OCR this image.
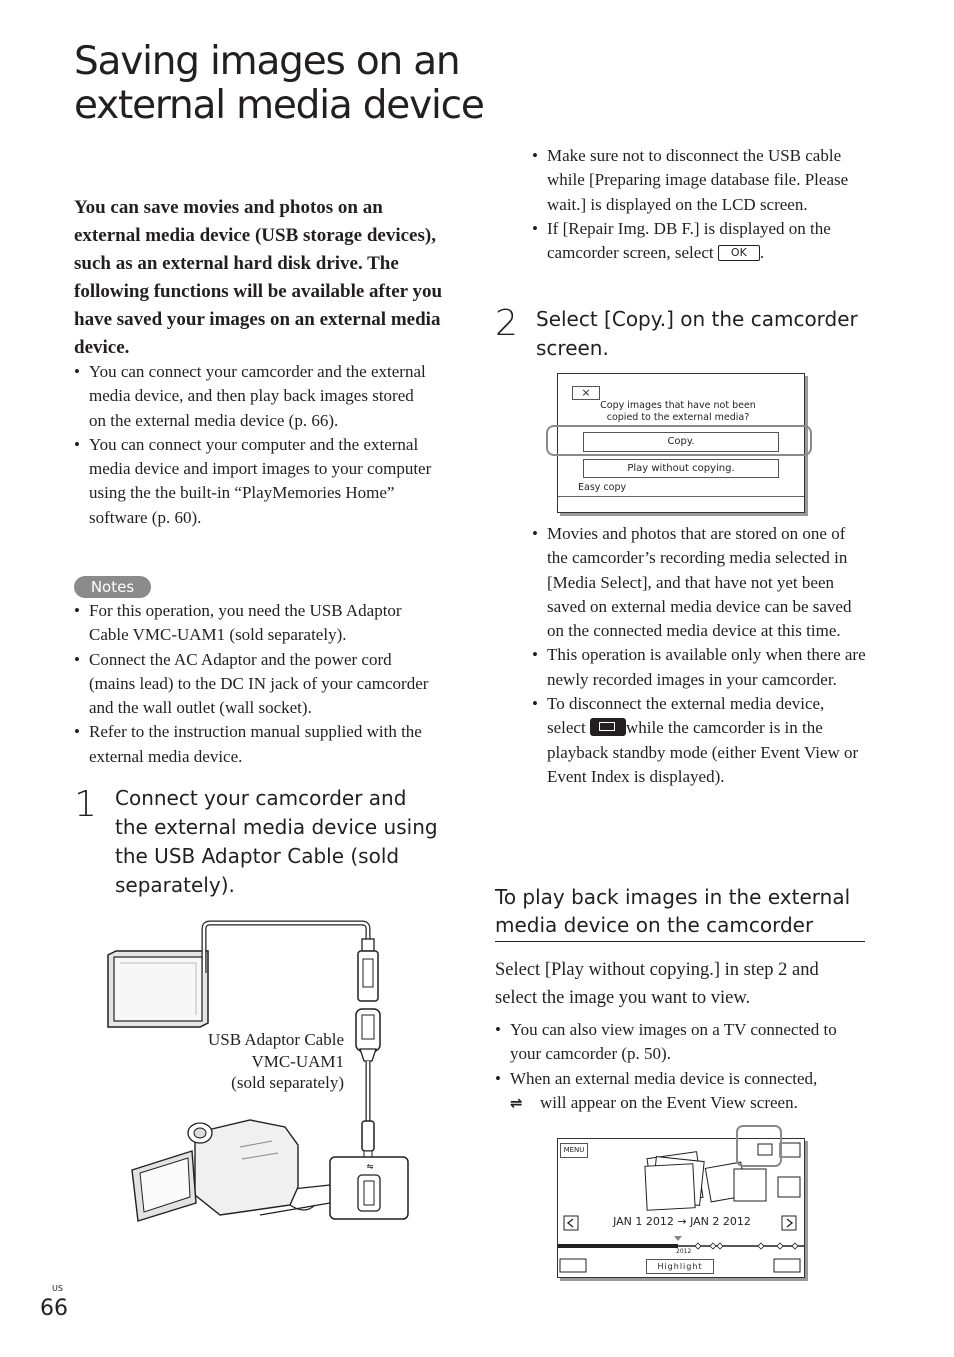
Saving images on an external media device

You can save movies and photos on an external media device (USB storage devices), such as an external hard disk drive. The following functions will be available after you have saved your images on an external media device.

• You can connect your camcorder and the external media device, and then play back images stored on the external media device (p. 66).
• You can connect your computer and the external media device and import images to your computer using the the built-in “PlayMemories Home” software (p. 60).
Notes
• For this operation, you need the USB Adaptor Cable VMC-UAM1 (sold separately).
• Connect the AC Adaptor and the power cord (mains lead) to the DC IN jack of your camcorder and the wall outlet (wall socket).
• Refer to the instruction manual supplied with the external media device.
1 Connect your camcorder and the external media device using the USB Adaptor Cable (sold separately).
⇋
USB Adaptor Cable
VMC-UAM1
(sold separately)
• Make sure not to disconnect the USB cable while [Preparing image database file. Please wait.] is displayed on the LCD screen.
• If [Repair Img. DB F.] is displayed on the camcorder screen, select OK .
2 Select [Copy.] on the camcorder screen.
×
Copy images that have not been copied to the external media?
Copy.
Play without copying.
Easy copy
• Movies and photos that are stored on one of the camcorder’s recording media selected in [Media Select], and that have not yet been saved on external media device can be saved on the connected media device at this time.
• This operation is available only when there are newly recorded images in your camcorder.
• To disconnect the external media device, select while the camcorder is in the playback standby mode (either Event View or Event Index is displayed).
To play back images in the external media device on the camcorder

Select [Play without copying.] in step 2 and select the image you want to view.

• You can also view images on a TV connected to your camcorder (p. 50).
• When an external media device is connected,
⇌ will appear on the Event View screen.
MENU
JAN 1 2012 → JAN 2 2012
2012
Highlight
US
66
